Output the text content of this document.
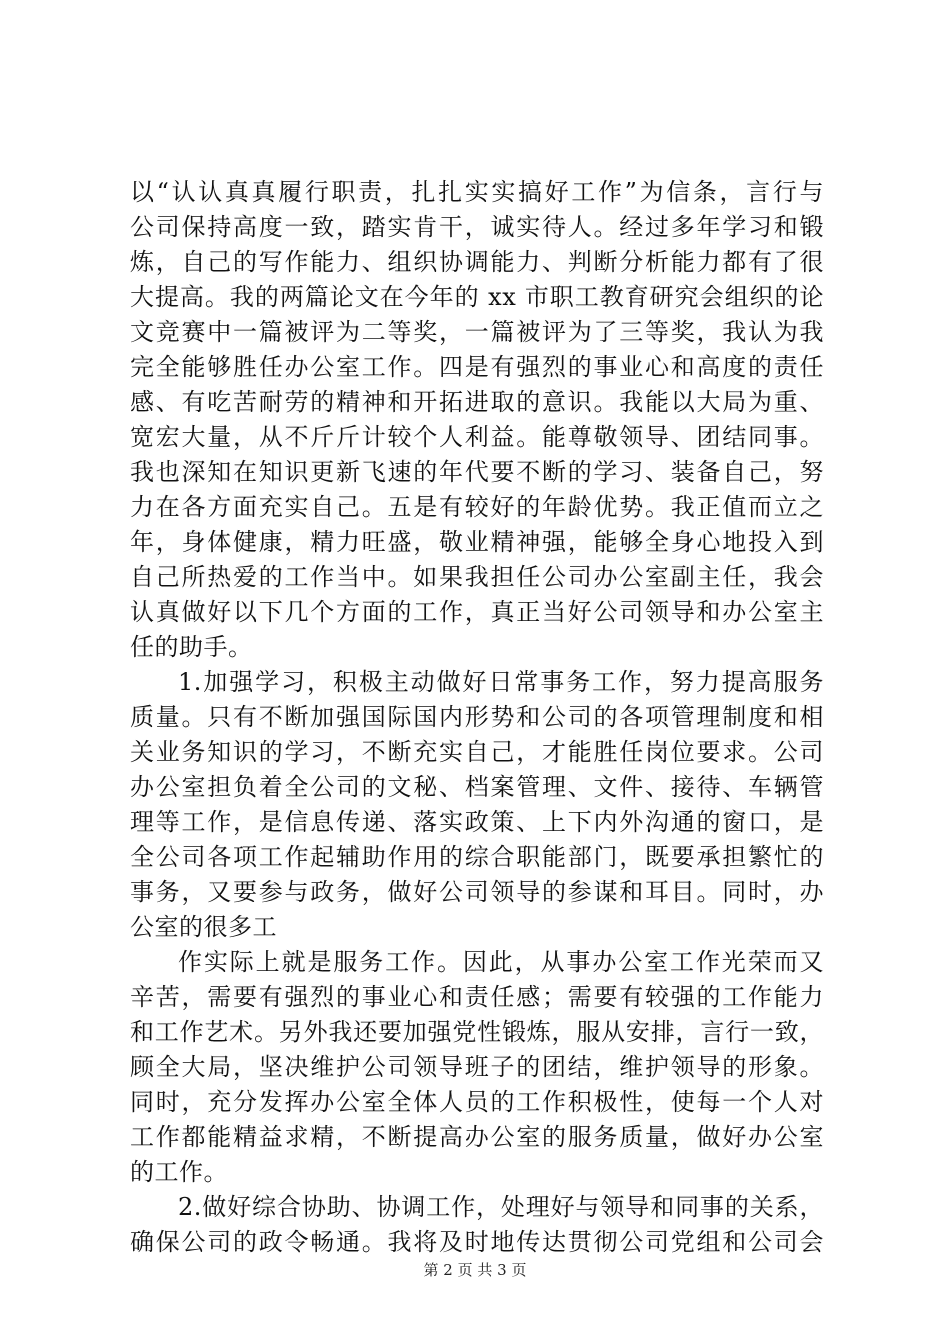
以“认认真真履行职责，扎扎实实搞好工作”为信条，言行与
公司保持高度一致，踏实肯干，诚实待人。经过多年学习和锻
炼，自己的写作能力、组织协调能力、判断分析能力都有了很
大提高。我的两篇论文在今年的 xx 市职工教育研究会组织的论
文竞赛中一篇被评为二等奖，一篇被评为了三等奖，我认为我
完全能够胜任办公室工作。四是有强烈的事业心和高度的责任
感、有吃苦耐劳的精神和开拓进取的意识。我能以大局为重、
宽宏大量，从不斤斤计较个人利益。能尊敬领导、团结同事。
我也深知在知识更新飞速的年代要不断的学习、装备自己，努
力在各方面充实自己。五是有较好的年龄优势。我正值而立之
年，身体健康，精力旺盛，敬业精神强，能够全身心地投入到
自己所热爱的工作当中。如果我担任公司办公室副主任，我会
认真做好以下几个方面的工作，真正当好公司领导和办公室主
任的助手。
1.加强学习，积极主动做好日常事务工作，努力提高服务
质量。只有不断加强国际国内形势和公司的各项管理制度和相
关业务知识的学习，不断充实自己，才能胜任岗位要求。公司
办公室担负着全公司的文秘、档案管理、文件、接待、车辆管
理等工作，是信息传递、落实政策、上下内外沟通的窗口，是
全公司各项工作起辅助作用的综合职能部门，既要承担繁忙的
事务，又要参与政务，做好公司领导的参谋和耳目。同时，办
公室的很多工
作实际上就是服务工作。因此，从事办公室工作光荣而又
辛苦，需要有强烈的事业心和责任感；需要有较强的工作能力
和工作艺术。另外我还要加强党性锻炼，服从安排，言行一致，
顾全大局，坚决维护公司领导班子的团结，维护领导的形象。
同时，充分发挥办公室全体人员的工作积极性，使每一个人对
工作都能精益求精，不断提高办公室的服务质量，做好办公室
的工作。
2.做好综合协助、协调工作，处理好与领导和同事的关系，
第 2 页 共 3 页
确保公司的政令畅通。我将及时地传达贯彻公司党组和公司会
